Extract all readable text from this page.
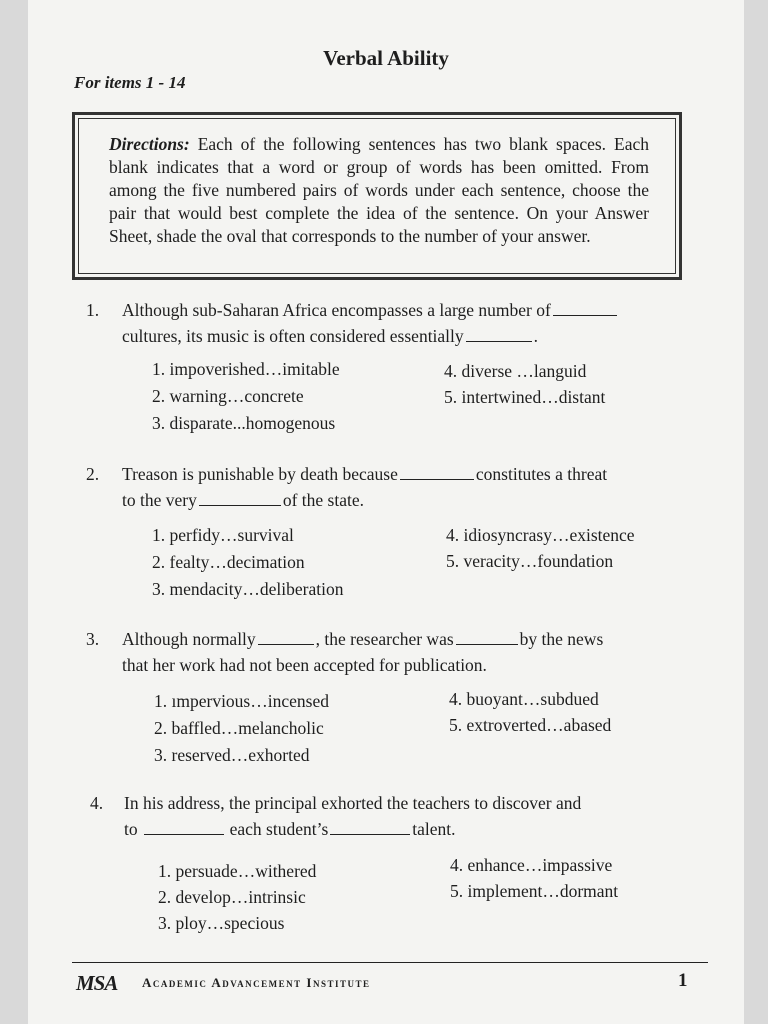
Verbal Ability
For items 1 - 14
Directions: Each of the following sentences has two blank spaces. Each blank indicates that a word or group of words has been omitted. From among the five numbered pairs of words under each sentence, choose the pair that would best complete the idea of the sentence. On your Answer Sheet, shade the oval that corresponds to the number of your answer.
1. Although sub-Saharan Africa encompasses a large number of
cultures, its music is often considered essentially	.
1. impoverished…imitable
2. warning…concrete
3. disparate...homogenous
4. diverse …languid
5. intertwined…distant
2. Treason is punishable by death because	constitutes a threat
to the very	of the state.
1. perfidy…survival
2. fealty…decimation
3. mendacity…deliberation
4. idiosyncrasy…existence
5. veracity…foundation
3. Although normally	, the researcher was	by the news
that her work had not been accepted for publication.
1. ımpervious…incensed
2. baffled…melancholic
3. reserved…exhorted
4. buoyant…subdued
5. extroverted…abased
4. In his address, the principal exhorted the teachers to discover and
to	each student’s	talent.
1. persuade…withered
2. develop…intrinsic
3. ploy…specious
4. enhance…impassive
5. implement…dormant
MSA Academic Advancement Institute	1
